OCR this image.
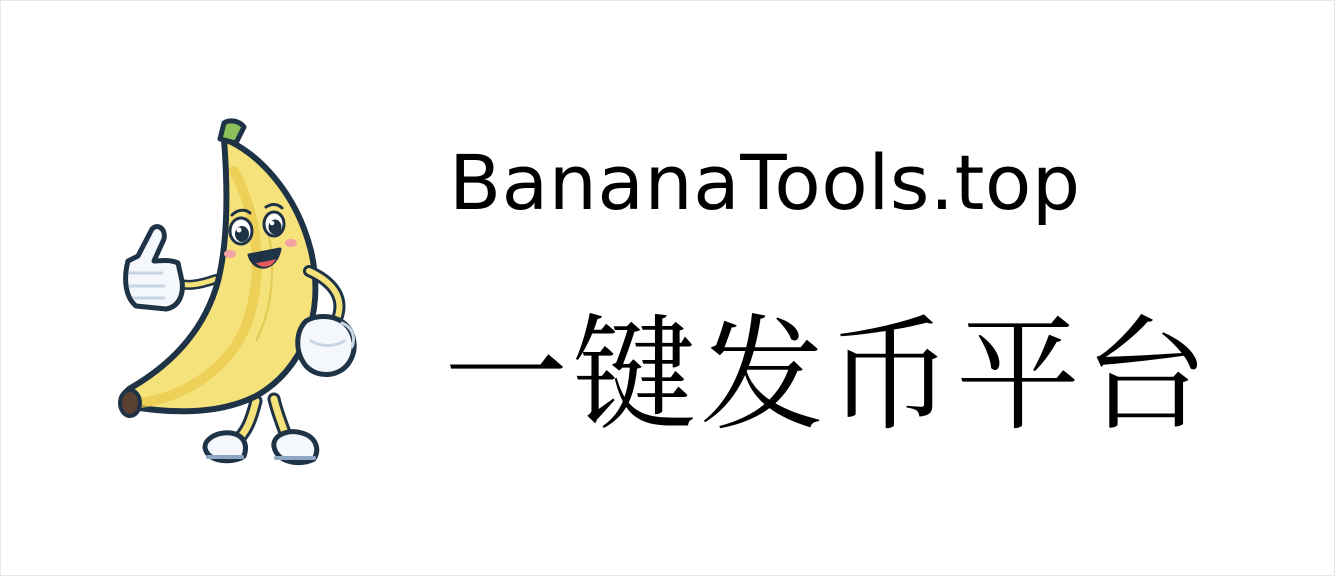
BananaTools.top
一键发币平台
